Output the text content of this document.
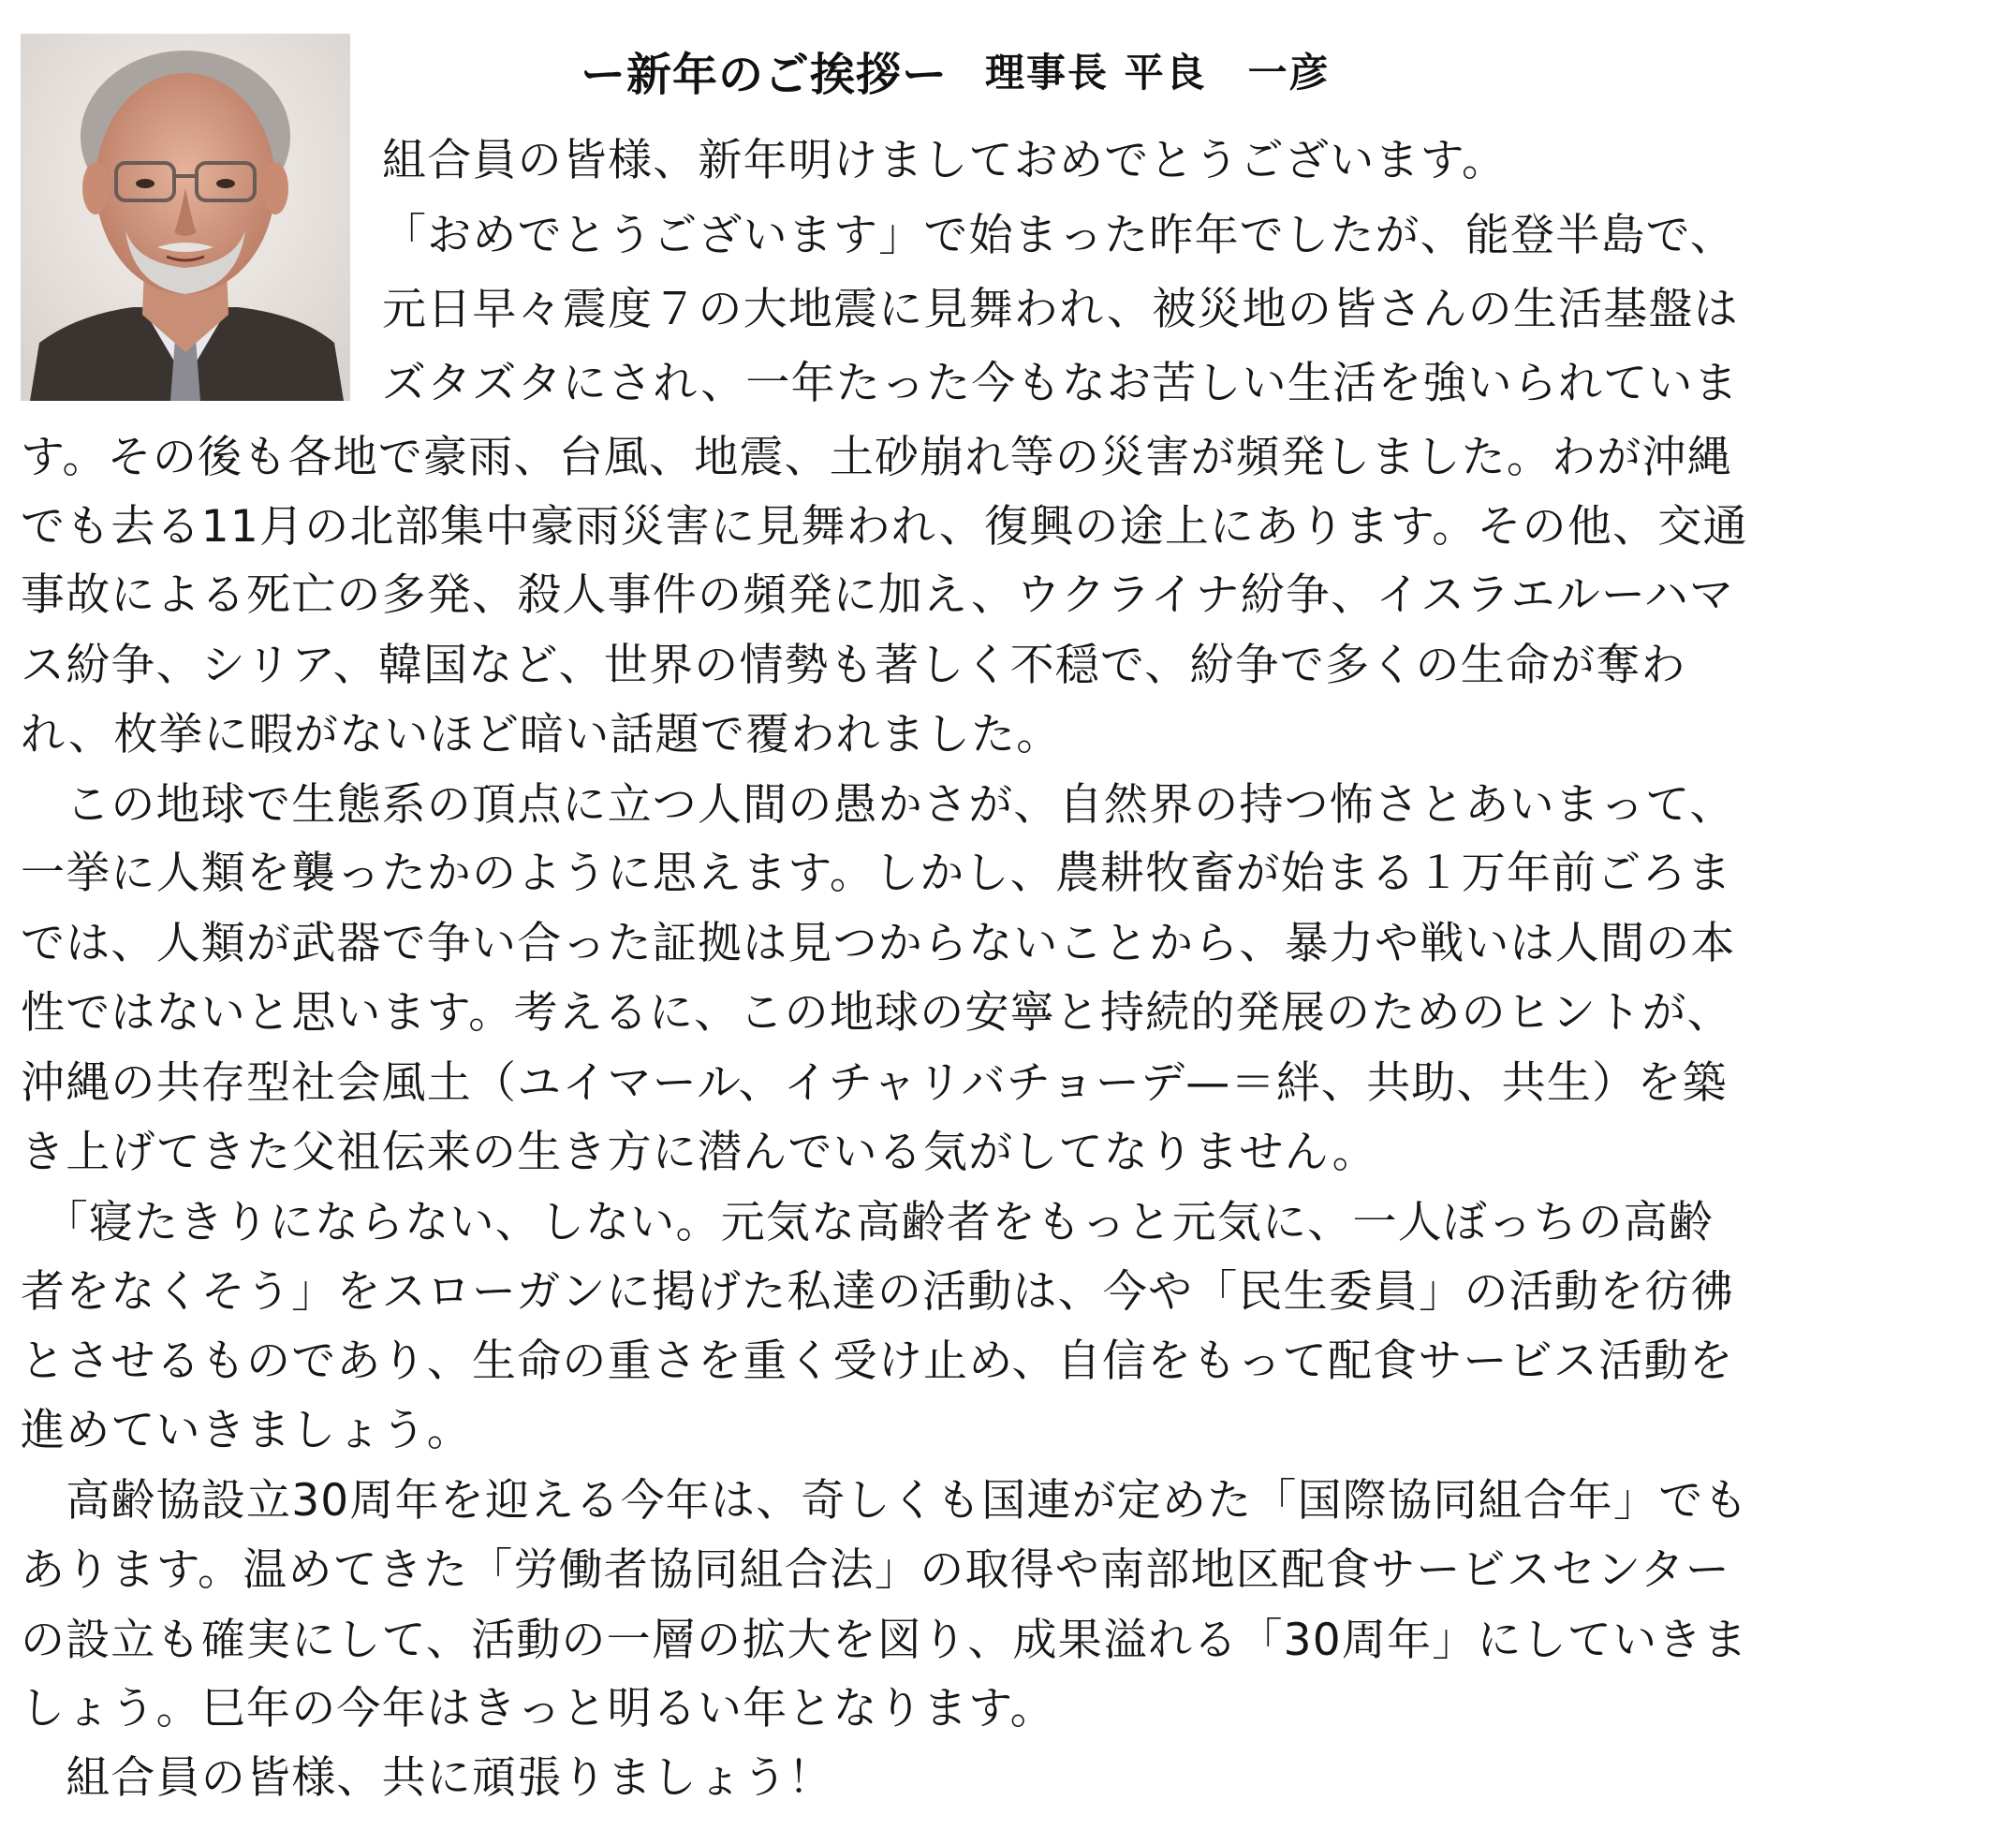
ー新年のご挨拶ー 理事長 平良　一彦
組合員の皆様、新年明けましておめでとうございます。
「おめでとうございます」で始まった昨年でしたが、能登半島で、
元日早々震度７の大地震に見舞われ、被災地の皆さんの生活基盤は
ズタズタにされ、一年たった今もなお苦しい生活を強いられていま
す。その後も各地で豪雨、台風、地震、土砂崩れ等の災害が頻発しました。わが沖縄
でも去る11月の北部集中豪雨災害に見舞われ、復興の途上にあります。その他、交通
事故による死亡の多発、殺人事件の頻発に加え、ウクライナ紛争、イスラエルーハマ
ス紛争、シリア、韓国など、世界の情勢も著しく不穏で、紛争で多くの生命が奪わ
れ、枚挙に暇がないほど暗い話題で覆われました。
　この地球で生態系の頂点に立つ人間の愚かさが、自然界の持つ怖さとあいまって、
一挙に人類を襲ったかのように思えます。しかし、農耕牧畜が始まる１万年前ごろま
では、人類が武器で争い合った証拠は見つからないことから、暴力や戦いは人間の本
性ではないと思います。考えるに、この地球の安寧と持続的発展のためのヒントが、
沖縄の共存型社会風土（ユイマール、イチャリバチョーデ—＝絆、共助、共生）を築
き上げてきた父祖伝来の生き方に潜んでいる気がしてなりません。
　「寝たきりにならない、しない。元気な高齢者をもっと元気に、一人ぼっちの高齢
者をなくそう」をスローガンに掲げた私達の活動は、今や「民生委員」の活動を彷彿
とさせるものであり、生命の重さを重く受け止め、自信をもって配食サービス活動を
進めていきましょう。
　高齢協設立30周年を迎える今年は、奇しくも国連が定めた「国際協同組合年」でも
あります。温めてきた「労働者協同組合法」の取得や南部地区配食サービスセンター
の設立も確実にして、活動の一層の拡大を図り、成果溢れる「30周年」にしていきま
しょう。巳年の今年はきっと明るい年となります。
　組合員の皆様、共に頑張りましょう！
